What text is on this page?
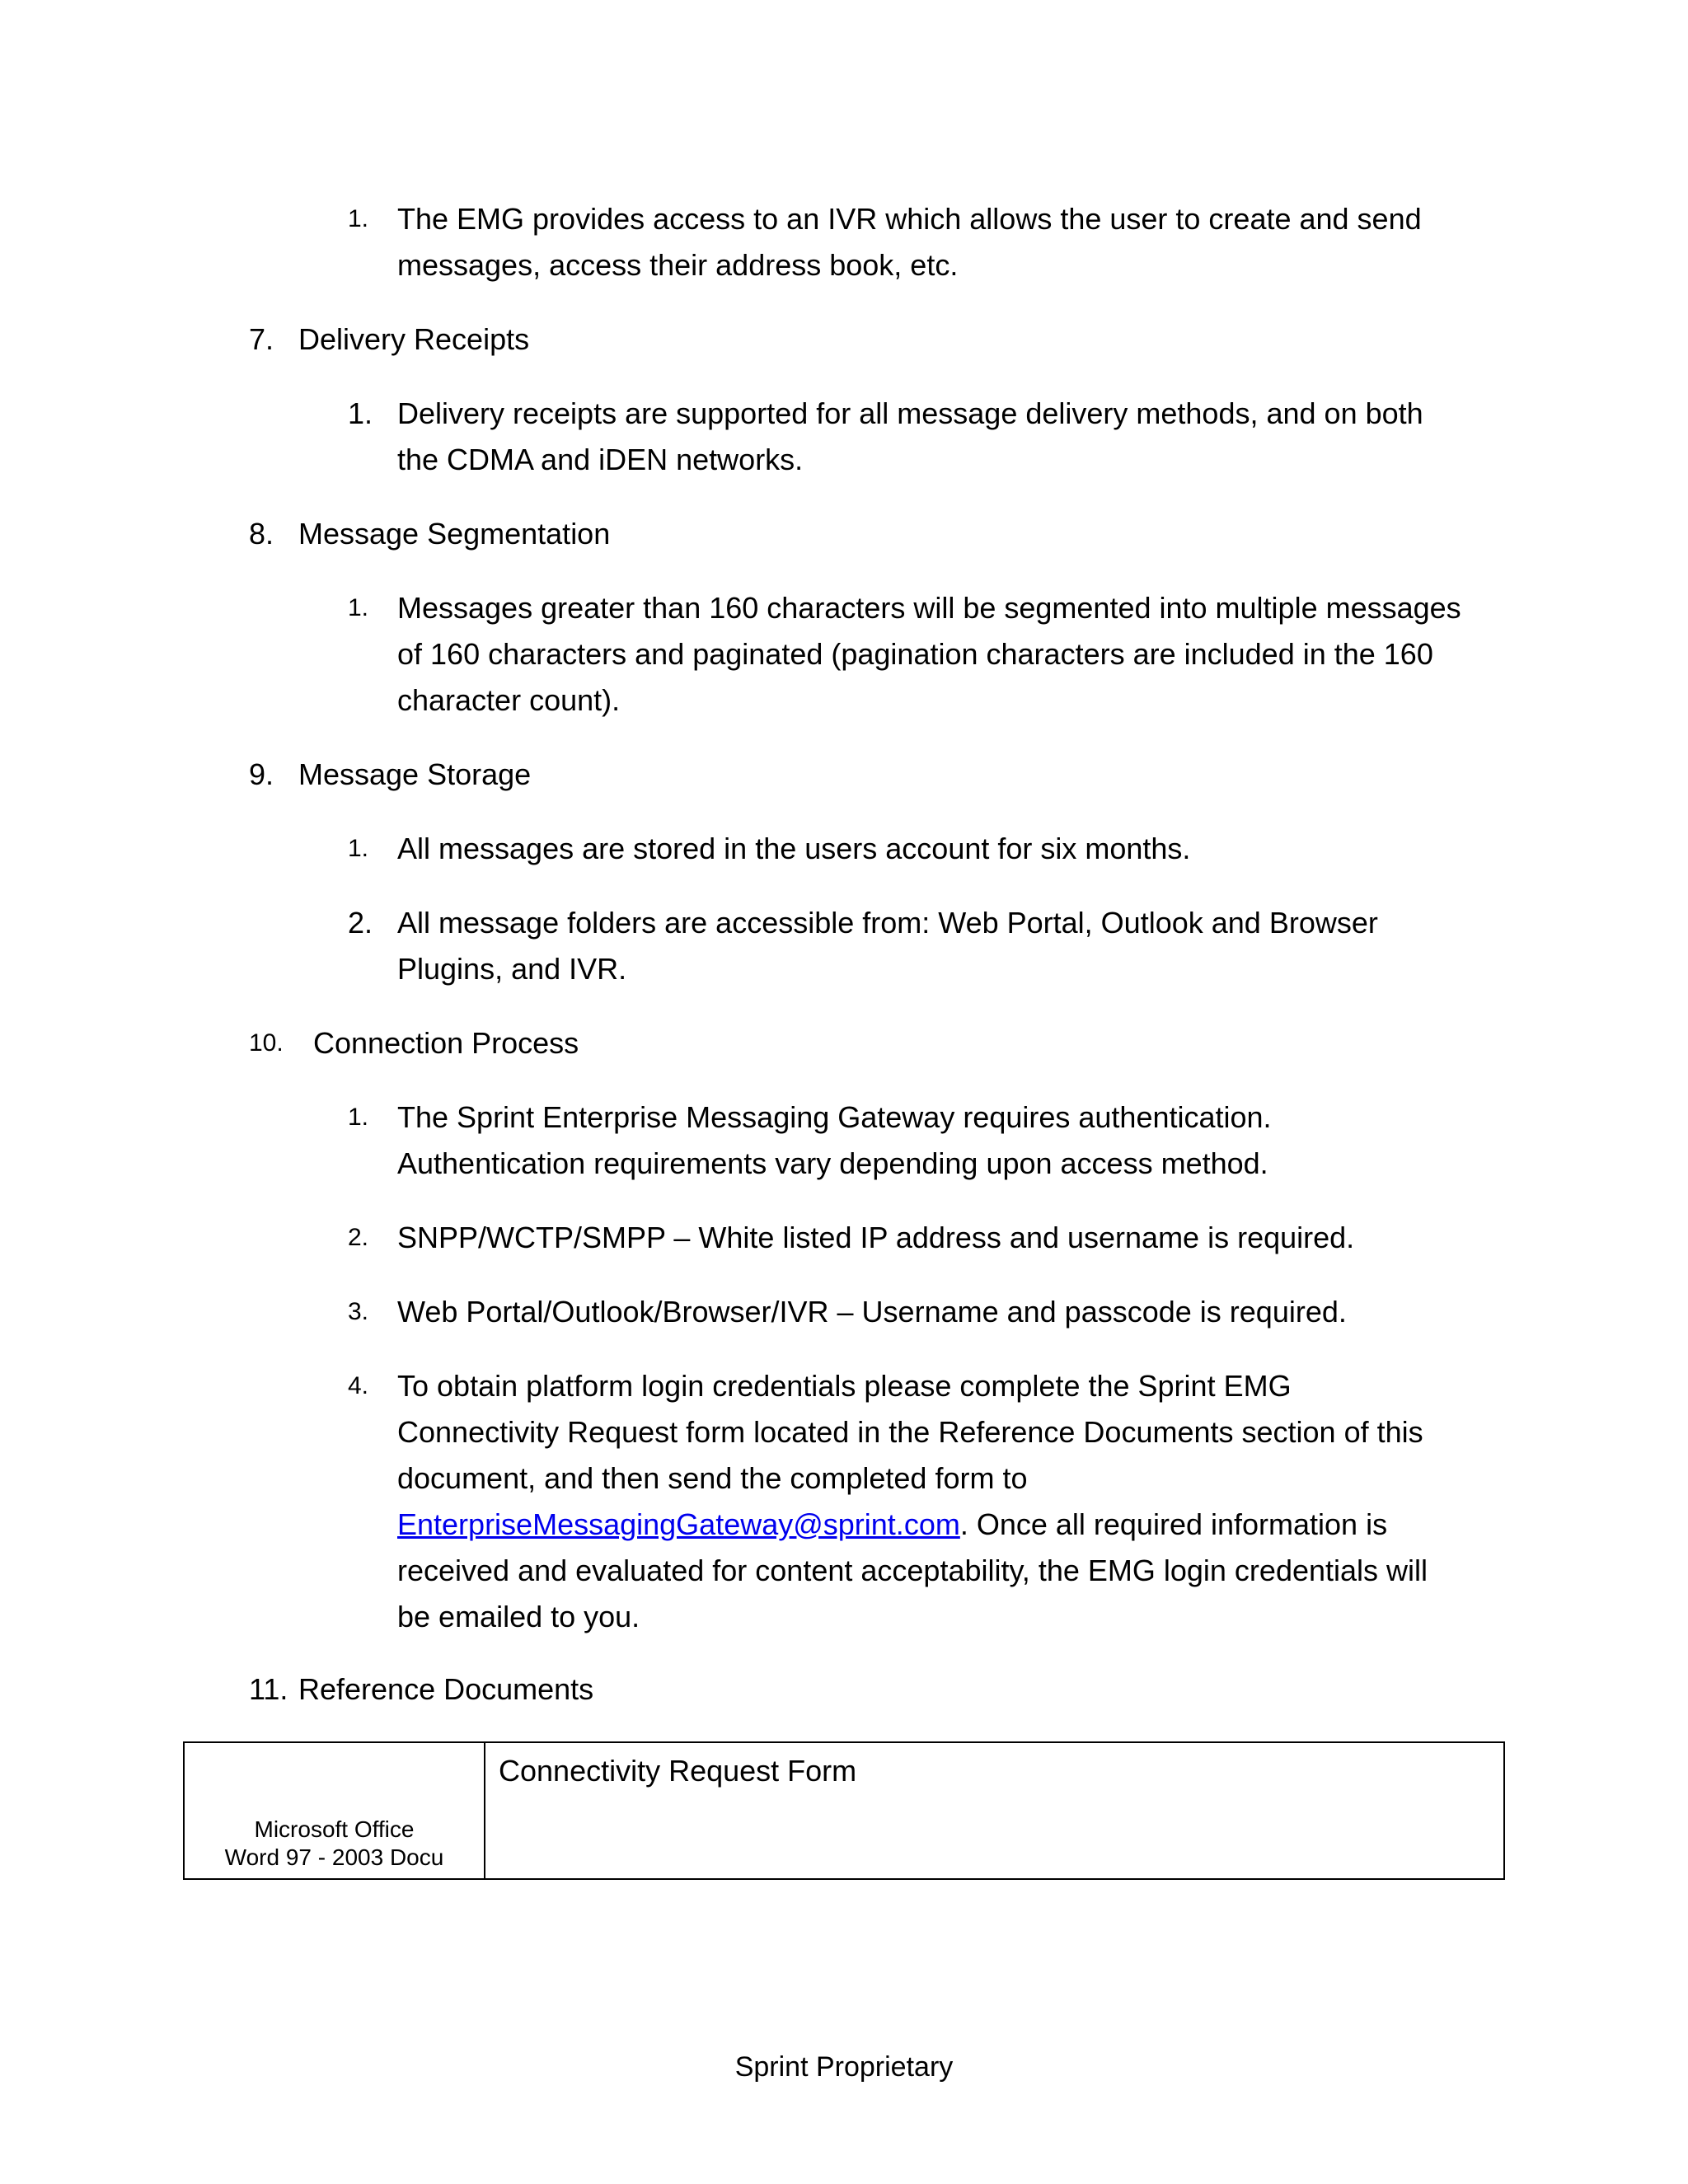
1. The EMG provides access to an IVR which allows the user to create and send
messages, access their address book, etc.
7. Delivery Receipts
1. Delivery receipts are supported for all message delivery methods, and on both
the CDMA and iDEN networks.
8. Message Segmentation
1. Messages greater than 160 characters will be segmented into multiple messages
of 160 characters and paginated (pagination characters are included in the 160
character count).
9. Message Storage
1. All messages are stored in the users account for six months.
2. All message folders are accessible from: Web Portal, Outlook and Browser
Plugins, and IVR.
10. Connection Process
1. The Sprint Enterprise Messaging Gateway requires authentication.
Authentication requirements vary depending upon access method.
2. SNPP/WCTP/SMPP – White listed IP address and username is required.
3. Web Portal/Outlook/Browser/IVR – Username and passcode is required.
4. To obtain platform login credentials please complete the Sprint EMG
Connectivity Request form located in the Reference Documents section of this
document, and then send the completed form to
EnterpriseMessagingGateway@sprint.com. Once all required information is
received and evaluated for content acceptability, the EMG login credentials will
be emailed to you.
11. Reference Documents
Microsoft Office
Word 97 - 2003 Docu
Connectivity Request Form
Sprint Proprietary
